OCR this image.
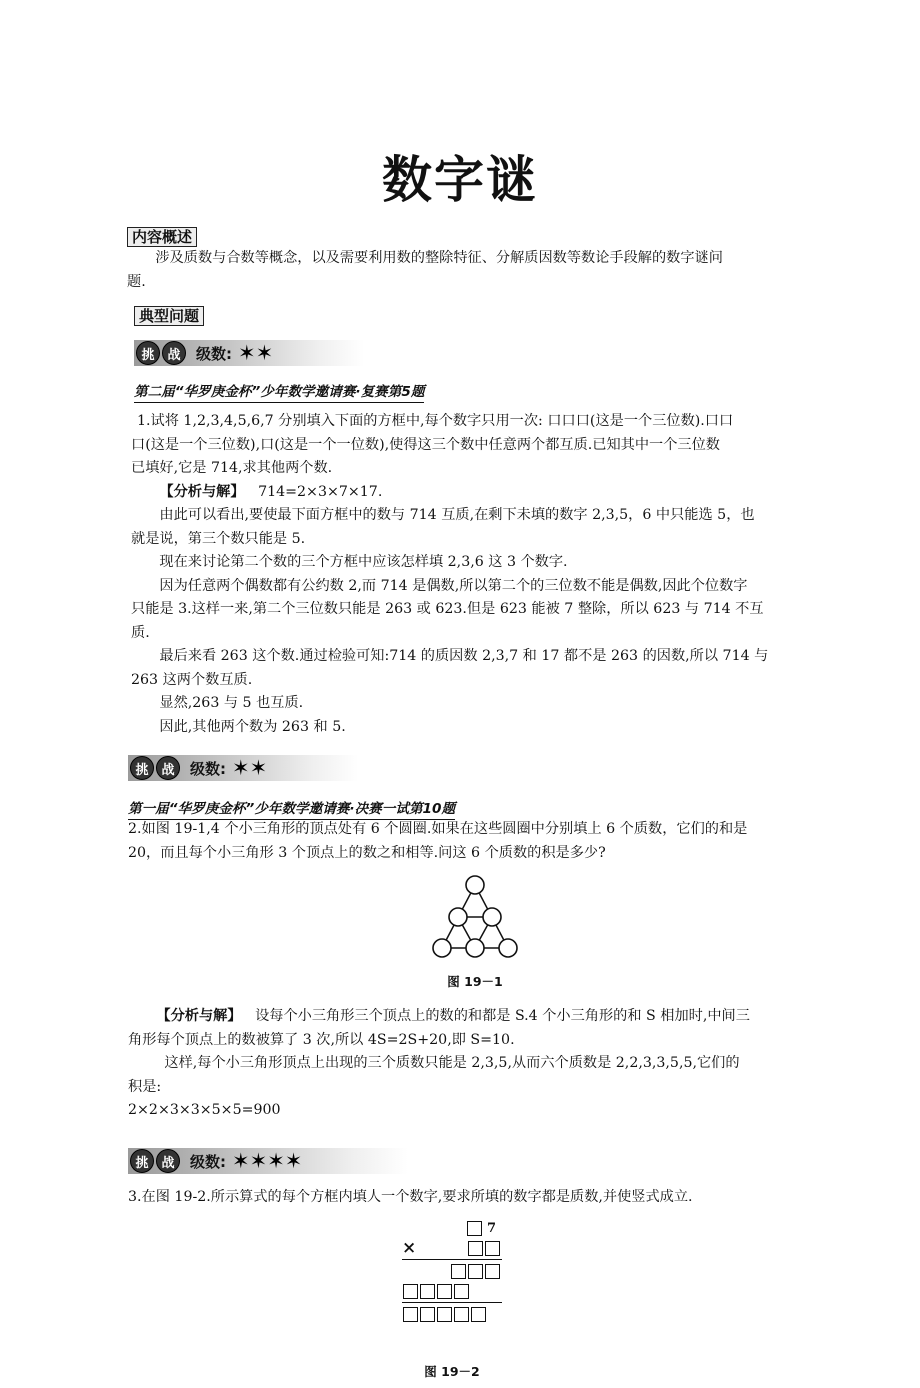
数字谜
内容概述

涉及质数与合数等概念，以及需要利用数的整除特征、分解质因数等数论手段解的数字谜问

题.

典型问题
挑 战	级数: ✶✶
第二届“华罗庚金杯”少年数学邀请赛·复赛第5题

1.试将 1,2,3,4,5,6,7 分别填入下面的方框中,每个数字只用一次: 口口口(这是一个三位数).口口

口(这是一个三位数),口(这是一个一位数),使得这三个数中任意两个都互质.已知其中一个三位数

已填好,它是 714,求其他两个数.

【分析与解】 714=2×3×7×17.

由此可以看出,要使最下面方框中的数与 714 互质,在剩下未填的数字 2,3,5，6 中只能选 5，也

就是说，第三个数只能是 5.

现在来讨论第二个数的三个方框中应该怎样填 2,3,6 这 3 个数字.

因为任意两个偶数都有公约数 2,而 714 是偶数,所以第二个的三位数不能是偶数,因此个位数字

只能是 3.这样一来,第二个三位数只能是 263 或 623.但是 623 能被 7 整除，所以 623 与 714 不互

质.

最后来看 263 这个数.通过检验可知:714 的质因数 2,3,7 和 17 都不是 263 的因数,所以 714 与

263 这两个数互质.

显然,263 与 5 也互质.

因此,其他两个数为 263 和 5.

挑 战	级数: ✶✶
第一届“华罗庚金杯”少年数学邀请赛·决赛一试第10题

2.如图 19-1,4 个小三角形的顶点处有 6 个圆圈.如果在这些圆圈中分别填上 6 个质数，它们的和是

20，而且每个小三角形 3 个顶点上的数之和相等.问这 6 个质数的积是多少?

图 19－1

【分析与解】 设每个小三角形三个顶点上的数的和都是 S.4 个小三角形的和 S 相加时,中间三

角形每个顶点上的数被算了 3 次,所以 4S=2S+20,即 S=10.

这样,每个小三角形顶点上出现的三个质数只能是 2,3,5,从而六个质数是 2,2,3,3,5,5,它们的

积是:

2×2×3×3×5×5=900

挑 战	级数: ✶✶✶✶

3.在图 19-2.所示算式的每个方框内填人一个数字,要求所填的数字都是质数,并使竖式成立.

7
×
图 19－2
